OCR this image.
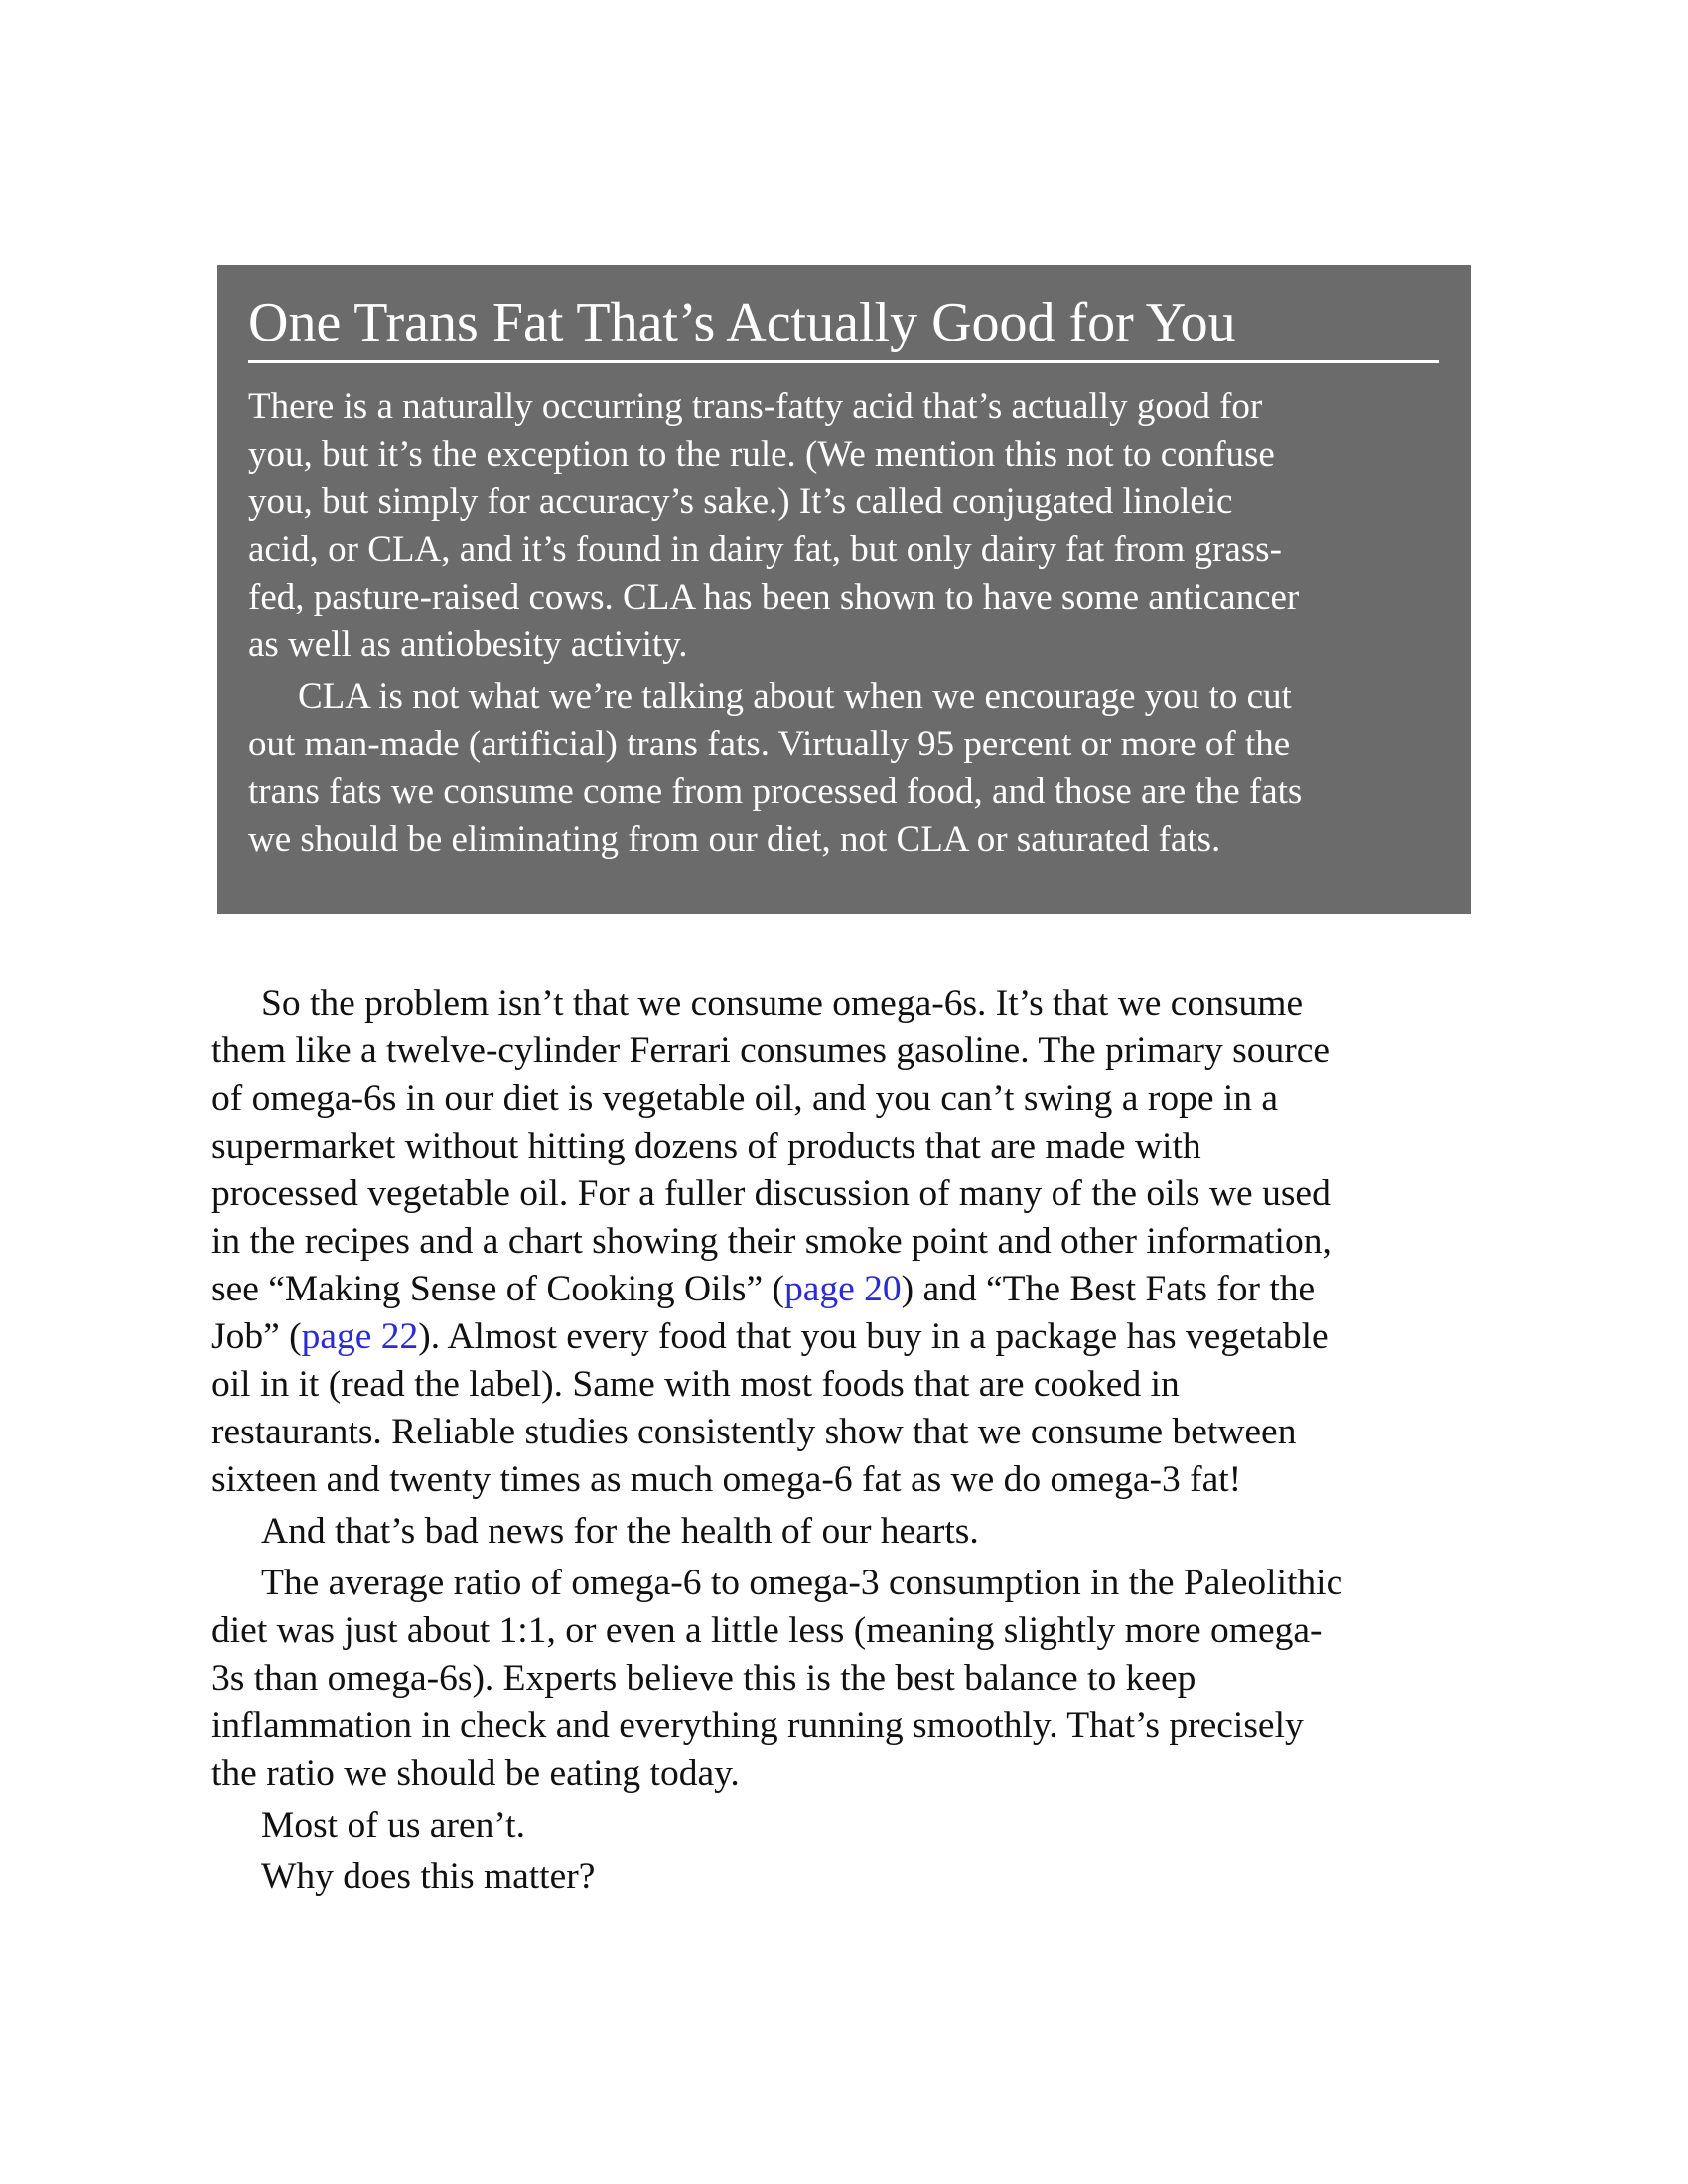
One Trans Fat That’s Actually Good for You
There is a naturally occurring trans-fatty acid that’s actually good for
you, but it’s the exception to the rule. (We mention this not to confuse
you, but simply for accuracy’s sake.) It’s called conjugated linoleic
acid, or CLA, and it’s found in dairy fat, but only dairy fat from grass-
fed, pasture-raised cows. CLA has been shown to have some anticancer
as well as antiobesity activity.
CLA is not what we’re talking about when we encourage you to cut
out man-made (artificial) trans fats. Virtually 95 percent or more of the
trans fats we consume come from processed food, and those are the fats
we should be eliminating from our diet, not CLA or saturated fats.
So the problem isn’t that we consume omega-6s. It’s that we consume
them like a twelve-cylinder Ferrari consumes gasoline. The primary source
of omega-6s in our diet is vegetable oil, and you can’t swing a rope in a
supermarket without hitting dozens of products that are made with
processed vegetable oil. For a fuller discussion of many of the oils we used
in the recipes and a chart showing their smoke point and other information,
see “Making Sense of Cooking Oils” (page 20) and “The Best Fats for the
Job” (page 22). Almost every food that you buy in a package has vegetable
oil in it (read the label). Same with most foods that are cooked in
restaurants. Reliable studies consistently show that we consume between
sixteen and twenty times as much omega-6 fat as we do omega-3 fat!
And that’s bad news for the health of our hearts.
The average ratio of omega-6 to omega-3 consumption in the Paleolithic
diet was just about 1:1, or even a little less (meaning slightly more omega-
3s than omega-6s). Experts believe this is the best balance to keep
inflammation in check and everything running smoothly. That’s precisely
the ratio we should be eating today.
Most of us aren’t.
Why does this matter?
